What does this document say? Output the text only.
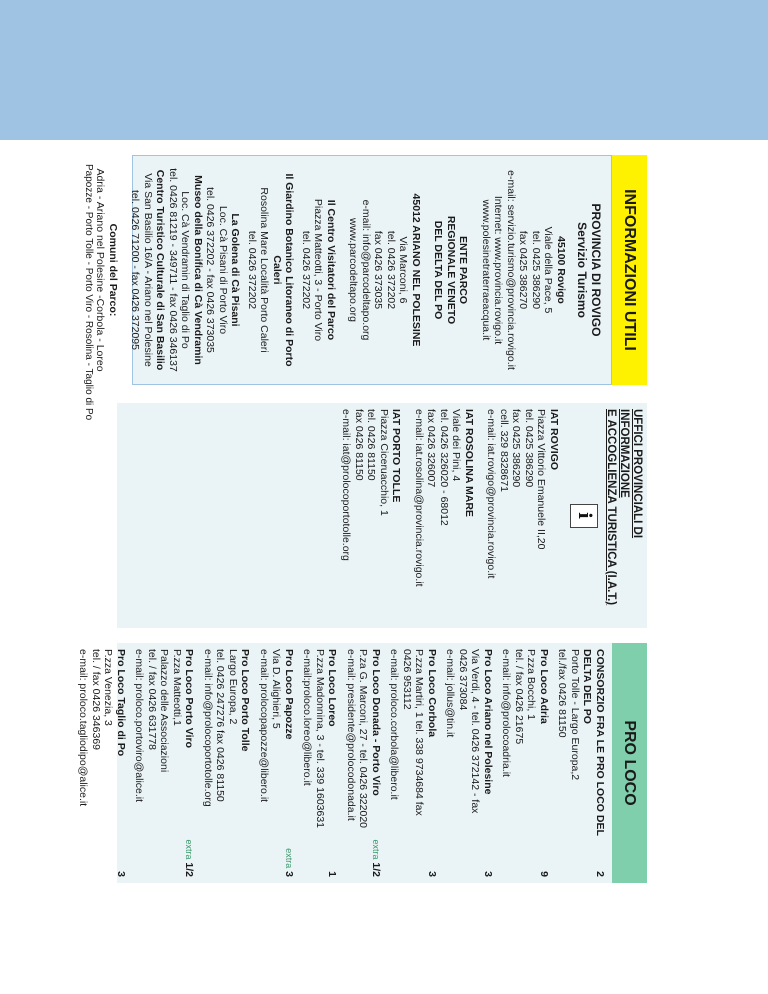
INFORMAZIONI UTILI
PROVINCIA DI ROVIGO
Servizio Turismo
45100 Rovigo
Viale della Pace, 5
tel. 0425 386290
fax 0425 386270
e-mail: servizio.turismo@provincia.rovigo.it
Internet: www.provincia.rovigo.it
www.polesinetraterraeacqua.it
ENTE PARCO
REGIONALE VENETO
DEL DELTA DEL PO
45012 ARIANO NEL POLESINE
Via Marconi, 6
tel. 0426 372202
fax 0426 373035
e-mail: info@parcodeltapo.org
www.parcodeltapo.org
Il Centro Visitatori del Parco
Piazza Matteotti, 3 - Porto Viro
tel. 0426 372202
Il Giardino Botanico Litoraneo di Porto Caleri
Rosolina Mare Località Porto Caleri
tel. 0426 372202
La Golena di Cà Pisani
Loc. Cà Pisani di Porto Viro
tel. 0426 372202 - fax 0426 373035
Museo della Bonifica di Cà Vendramin
Loc. Cà Vendramin di Taglio di Po
tel. 0426 81219 - 349711 - fax 0426 346137
Centro Turistico Culturale di San Basilio
Via San Basilio 16/A - Ariano nel Polesine
tel. 0426 71200 - fax 0426 372095
Comuni del Parco:
Adria - Ariano nel Polesine -Corbola - Loreo
Papozze - Porto Tolle - Porto Viro - Rosolina - Taglio di Po
UFFICI PROVINCIALI DI INFORMAZIONE
E ACCOGLIENZA TURISTICA (I.A.T.)
i
IAT ROVIGO
Piazza Vittorio Emanuele II,20
tel. 0425 386290
fax 0425 386290
cell. 329 8328671
e-mail: iat.rovigo@provincia.rovigo.it
IAT ROSOLINA MARE
Viale dei Pini, 4
tel. 0426 326020 - 68012
fax 0426 326007
e-mail: iat.rosolina@provincia.rovigo.it
IAT PORTO TOLLE
Piazza Ciceruacchio, 1
tel. 0426 81150
fax 0426 81150
e-mail: iat@prolocoportotolle.org
PRO LOCO
CONSORZIO FRA LE PRO LOCO DEL DELTA DEL PO
Porto Tolle - Largo Europa,2
tel./fax 0426 81150
2
Pro Loco Adria
P.zza Bocchi, 1
tel. / fax 0426 21675
e-mail: info@prolocoadria.it
9
Pro Loco Ariano nel Polesine
Via Verdi, 4 - tel. 0426 372142 - fax 0426 373084
e-mail: jollus@tin.it
3
Pro Loco Corbola
P.zza Martiri, 1 tel. 338 9734684 fax 0426 953112
e-mail: proloco.corbola@libero.it
3
Pro Loco Donada - Porto Viro
P.za G. Marconi, 27 - tel. 0426 322020
e-mail: presidente@prolocodonada.it
extra 1/2
Pro Loco Loreo
P.zza Madonnina, 3 - tel. 339 1603631
e-mail:proloco.loreo@libero.it
1
Pro Loco Papozze
Via D. Alighieri, 5
e-mail: prolocopapozze@libero.it
extra 3
Pro Loco Porto Tolle
Largo Europa, 2
tel. 0426 247276 fax 0426 81150
e-mail: info@prolocoportotolle.org
Pro Loco Porto Viro
P.zza Matteotti,1
Palazzo delle Associazioni
tel. / fax 0426 631778
e-mail: proloco.portoviro@alice.it
extra 1/2
Pro Loco Taglio di Po
P.zza Venezia, 3
tel. / fax 0426 346369
e-mail: proloco.tagliodipo@alice.it
3
